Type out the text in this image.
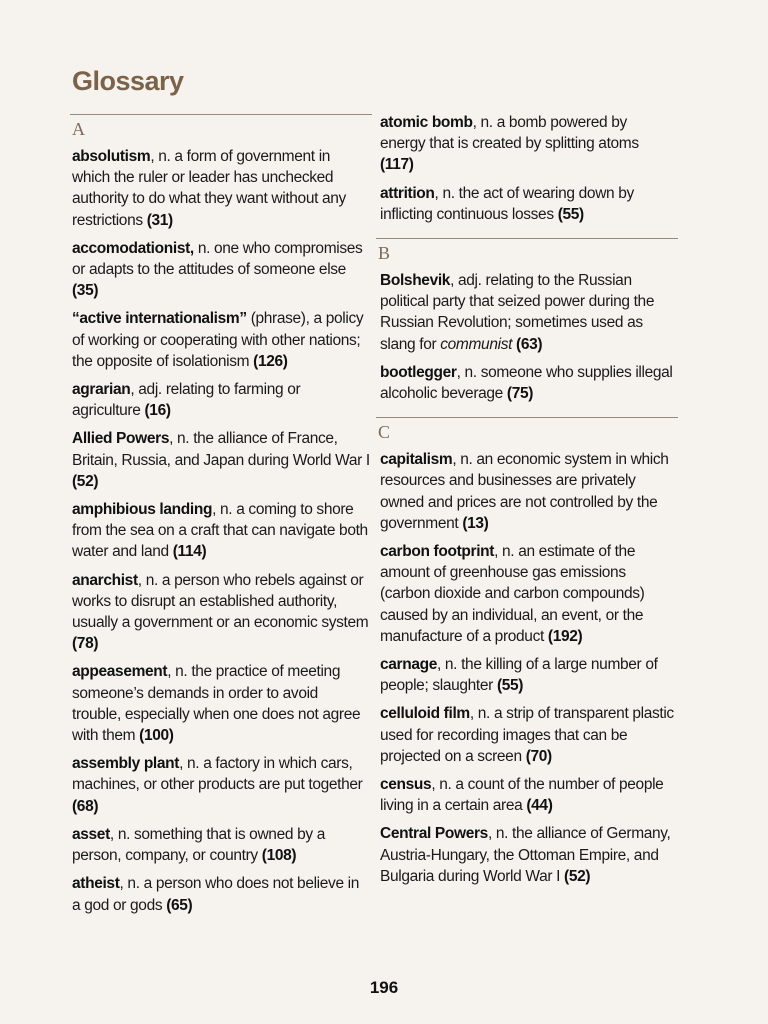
Glossary
A
absolutism, n. a form of government in which the ruler or leader has unchecked authority to do what they want without any restrictions (31)
accomodationist, n. one who compromises or adapts to the attitudes of someone else (35)
“active internationalism” (phrase), a policy of working or cooperating with other nations; the opposite of isolationism (126)
agrarian, adj. relating to farming or agriculture (16)
Allied Powers, n. the alliance of France, Britain, Russia, and Japan during World War I (52)
amphibious landing, n. a coming to shore from the sea on a craft that can navigate both water and land (114)
anarchist, n. a person who rebels against or works to disrupt an established authority, usually a government or an economic system (78)
appeasement, n. the practice of meeting someone’s demands in order to avoid trouble, especially when one does not agree with them (100)
assembly plant, n. a factory in which cars, machines, or other products are put together (68)
asset, n. something that is owned by a person, company, or country (108)
atheist, n. a person who does not believe in a god or gods (65)
atomic bomb, n. a bomb powered by energy that is created by splitting atoms (117)
attrition, n. the act of wearing down by inflicting continuous losses (55)
B
Bolshevik, adj. relating to the Russian political party that seized power during the Russian Revolution; sometimes used as slang for communist (63)
bootlegger, n. someone who supplies illegal alcoholic beverage (75)
C
capitalism, n. an economic system in which resources and businesses are privately owned and prices are not controlled by the government (13)
carbon footprint, n. an estimate of the amount of greenhouse gas emissions (carbon dioxide and carbon compounds) caused by an individual, an event, or the manufacture of a product (192)
carnage, n. the killing of a large number of people; slaughter (55)
celluloid film, n. a strip of transparent plastic used for recording images that can be projected on a screen (70)
census, n. a count of the number of people living in a certain area (44)
Central Powers, n. the alliance of Germany, Austria-Hungary, the Ottoman Empire, and Bulgaria during World War I (52)
196
